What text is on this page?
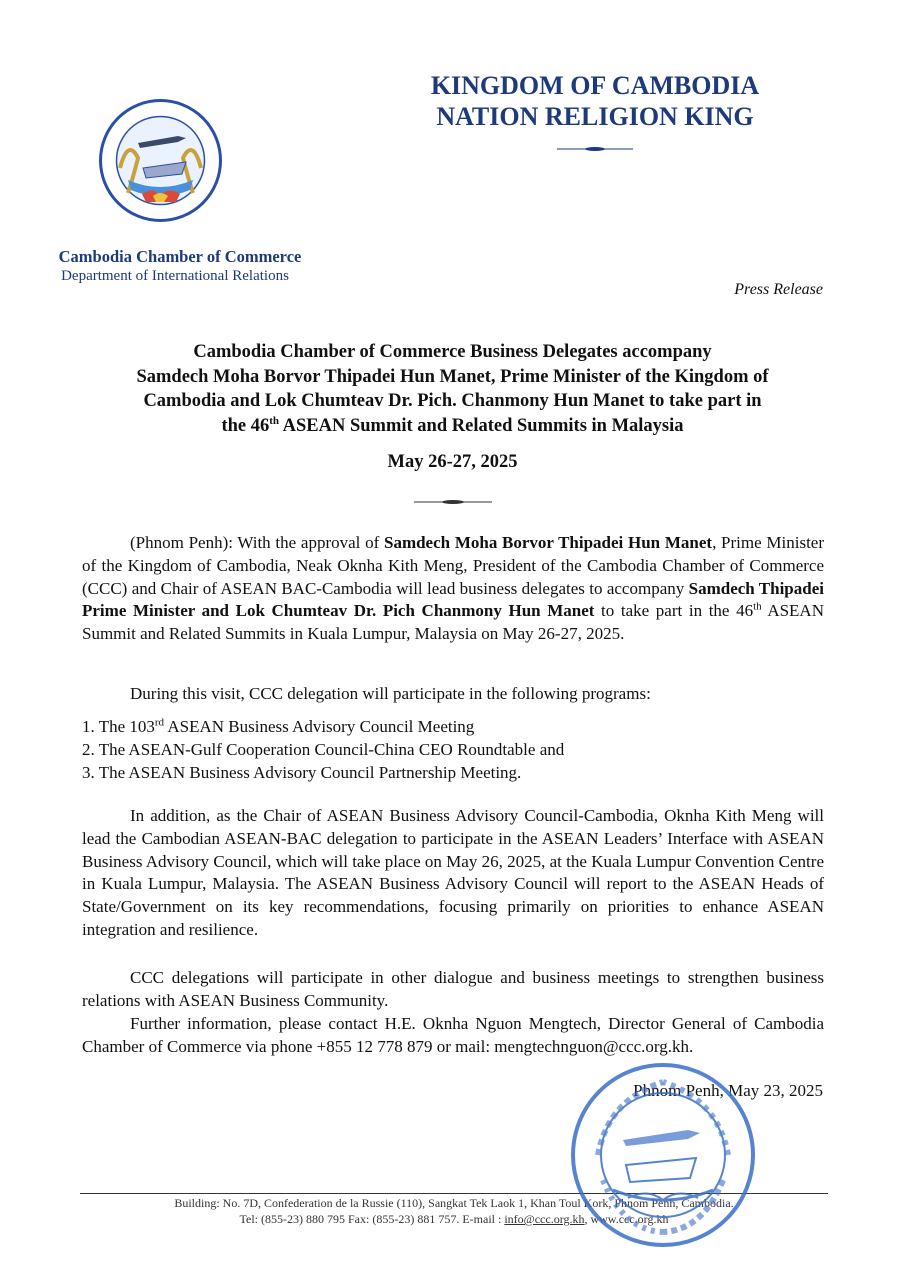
KINGDOM OF CAMBODIA
NATION RELIGION KING
Cambodia Chamber of Commerce
Department of International Relations
Press Release
Cambodia Chamber of Commerce Business Delegates accompany
Samdech Moha Borvor Thipadei Hun Manet, Prime Minister of the Kingdom of
Cambodia and Lok Chumteav Dr. Pich. Chanmony Hun Manet to take part in
the 46th ASEAN Summit and Related Summits in Malaysia
May 26-27, 2025
(Phnom Penh): With the approval of Samdech Moha Borvor Thipadei Hun Manet, Prime Minister of the Kingdom of Cambodia, Neak Oknha Kith Meng, President of the Cambodia Chamber of Commerce (CCC) and Chair of ASEAN BAC-Cambodia will lead business delegates to accompany Samdech Thipadei Prime Minister and Lok Chumteav Dr. Pich Chanmony Hun Manet to take part in the 46th ASEAN Summit and Related Summits in Kuala Lumpur, Malaysia on May 26-27, 2025.
During this visit, CCC delegation will participate in the following programs:
1. The 103rd ASEAN Business Advisory Council Meeting
2. The ASEAN-Gulf Cooperation Council-China CEO Roundtable and
3. The ASEAN Business Advisory Council Partnership Meeting.
In addition, as the Chair of ASEAN Business Advisory Council-Cambodia, Oknha Kith Meng will lead the Cambodian ASEAN-BAC delegation to participate in the ASEAN Leaders’ Interface with ASEAN Business Advisory Council, which will take place on May 26, 2025, at the Kuala Lumpur Convention Centre in Kuala Lumpur, Malaysia. The ASEAN Business Advisory Council will report to the ASEAN Heads of State/Government on its key recommendations, focusing primarily on priorities to enhance ASEAN integration and resilience.
CCC delegations will participate in other dialogue and business meetings to strengthen business relations with ASEAN Business Community.
Further information, please contact H.E. Oknha Nguon Mengtech, Director General of Cambodia Chamber of Commerce via phone +855 12 778 879 or mail: mengtechnguon@ccc.org.kh.
Phnom Penh, May 23, 2025
Building: No. 7D, Confederation de la Russie (110), Sangkat Tek Laok 1, Khan Toul Kork, Phnom Penh, Cambodia.
Tel: (855-23) 880 795 Fax: (855-23) 881 757. E-mail : info@ccc.org.kh, www.ccc.org.kh
